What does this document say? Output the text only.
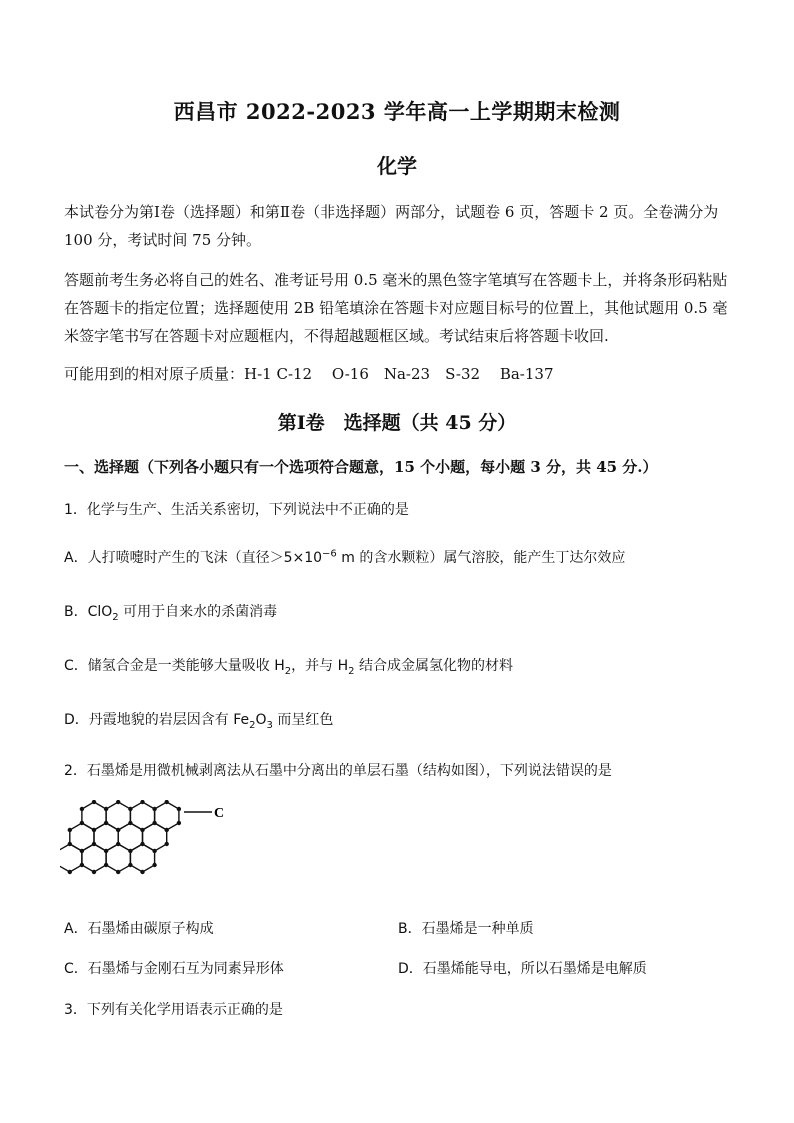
西昌市 2022-2023 学年高一上学期期末检测
化学

本试卷分为第Ⅰ卷（选择题）和第Ⅱ卷（非选择题）两部分，试题卷 6 页，答题卡 2 页。全卷满分为 100 分，考试时间 75 分钟。

答题前考生务必将自己的姓名、准考证号用 0.5 毫米的黑色签字笔填写在答题卡上，并将条形码粘贴在答题卡的指定位置；选择题使用 2B 铅笔填涂在答题卡对应题目标号的位置上，其他试题用 0.5 毫米签字笔书写在答题卡对应题框内，不得超越题框区域。考试结束后将答题卡收回.

可能用到的相对原子质量：H-1 C-12　 O-16　Na-23　S-32　 Ba-137

第Ⅰ卷　选择题（共 45 分）
一、选择题（下列各小题只有一个选项符合题意，15 个小题，每小题 3 分，共 45 分.）
1．化学与生产、生活关系密切，下列说法中不正确的是
A．人打喷嚏时产生的飞沫（直径$>5\times 10^{-6}$ m 的含水颗粒）属气溶胶，能产生丁达尔效应
B．ClO$_2$ 可用于自来水的杀菌消毒
C．储氢合金是一类能够大量吸收 $H_2$，并与 $H_2$ 结合成金属氢化物的材料
D．丹霞地貌的岩层因含有 $Fe_2O_3$ 而呈红色
2．石墨烯是用微机械剥离法从石墨中分离出的单层石墨（结构如图），下列说法错误的是
C
A．石墨烯由碳原子构成	B．石墨烯是一种单质
C．石墨烯与金刚石互为同素异形体	D．石墨烯能导电，所以石墨烯是电解质
3．下列有关化学用语表示正确的是
